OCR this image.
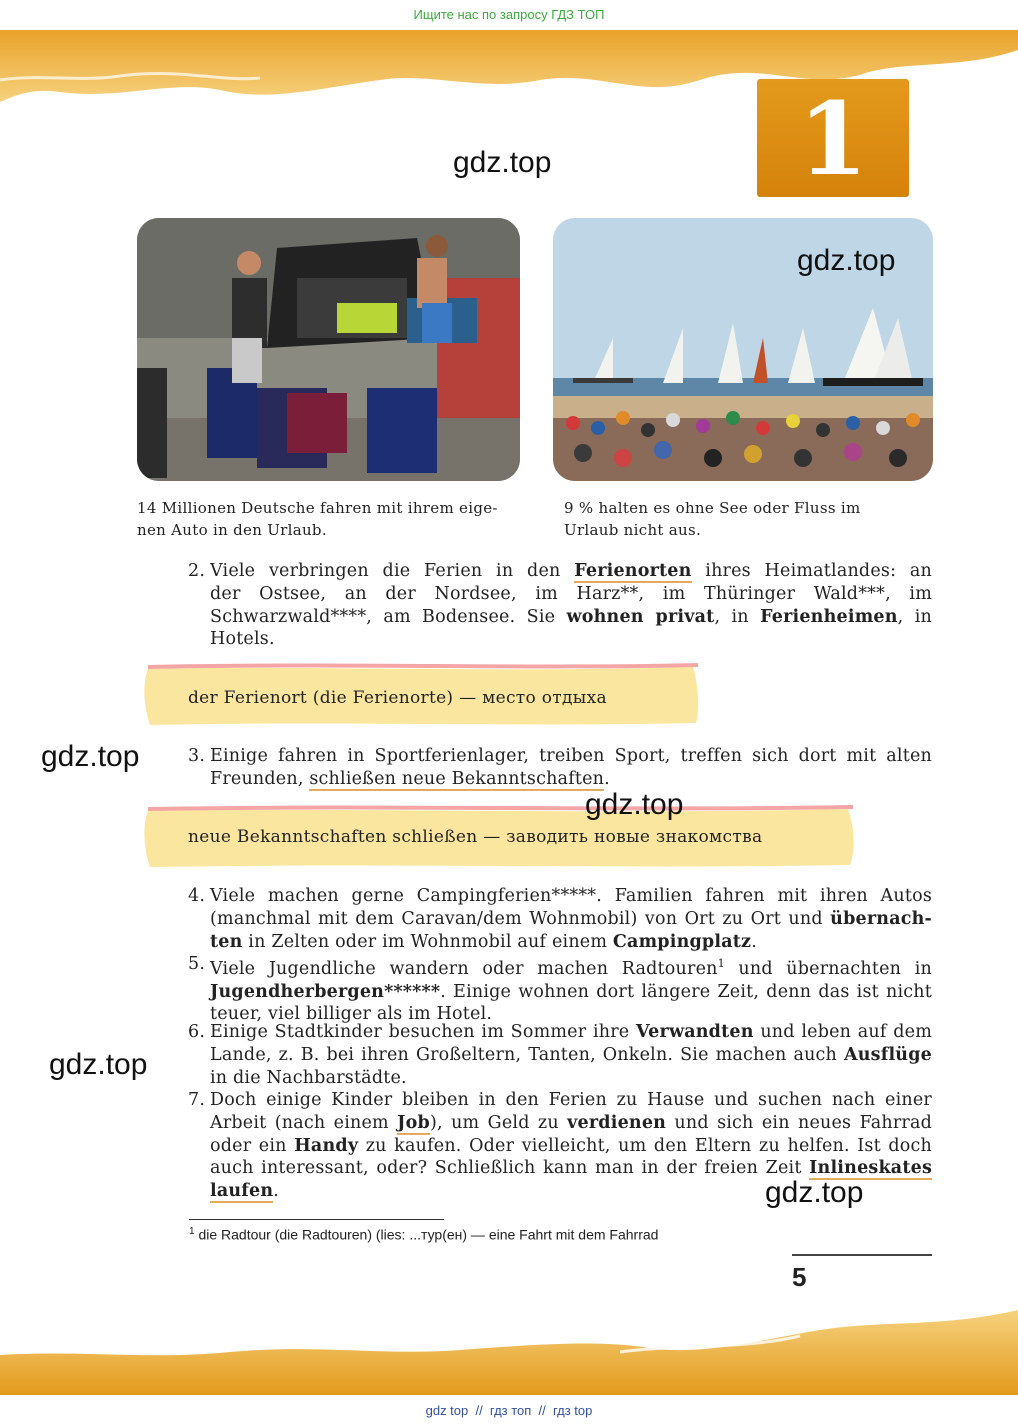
Ищите нас по запросу ГДЗ ТОП
1
gdz.top
gdz.top
gdz.top
gdz.top
gdz.top
gdz.top
14 Millionen Deutsche fahren mit ihrem eige-
nen Auto in den Urlaub.
9 % halten es ohne See oder Fluss im
Urlaub nicht aus.
2. Viele verbringen die Ferien in den Ferienorten ihres Heimatlandes: an
der Ostsee, an der Nordsee, im Harz**, im Thüringer Wald***, im
Schwarzwald****, am Bodensee. Sie wohnen privat, in Ferienheimen, in
Hotels.
der Ferienort (die Ferienorte) — место отдыха
3. Einige fahren in Sportferienlager, treiben Sport, treffen sich dort mit alten
Freunden, schließen neue Bekanntschaften.
neue Bekanntschaften schließen — заводить новые знакомства
4. Viele machen gerne Campingferien*****. Familien fahren mit ihren Autos
(manchmal mit dem Caravan/dem Wohnmobil) von Ort zu Ort und übernach-
ten in Zelten oder im Wohnmobil auf einem Campingplatz.
5. Viele Jugendliche wandern oder machen Radtouren$^1$ und übernachten in
Jugendherbergen******. Einige wohnen dort längere Zeit, denn das ist nicht
teuer, viel billiger als im Hotel.
6. Einige Stadtkinder besuchen im Sommer ihre Verwandten und leben auf dem
Lande, z. B. bei ihren Großeltern, Tanten, Onkeln. Sie machen auch Ausflüge
in die Nachbarstädte.
7. Doch einige Kinder bleiben in den Ferien zu Hause und suchen nach einer
Arbeit (nach einem Job), um Geld zu verdienen und sich ein neues Fahrrad
oder ein Handy zu kaufen. Oder vielleicht, um den Eltern zu helfen. Ist doch
auch interessant, oder? Schließlich kann man in der freien Zeit Inlineskates
laufen.
$^1$ die Radtour (die Radtouren) (lies: ...тур(ен) — eine Fahrt mit dem Fahrrad
5
gdz top  //  гдз топ  //  гдз top
